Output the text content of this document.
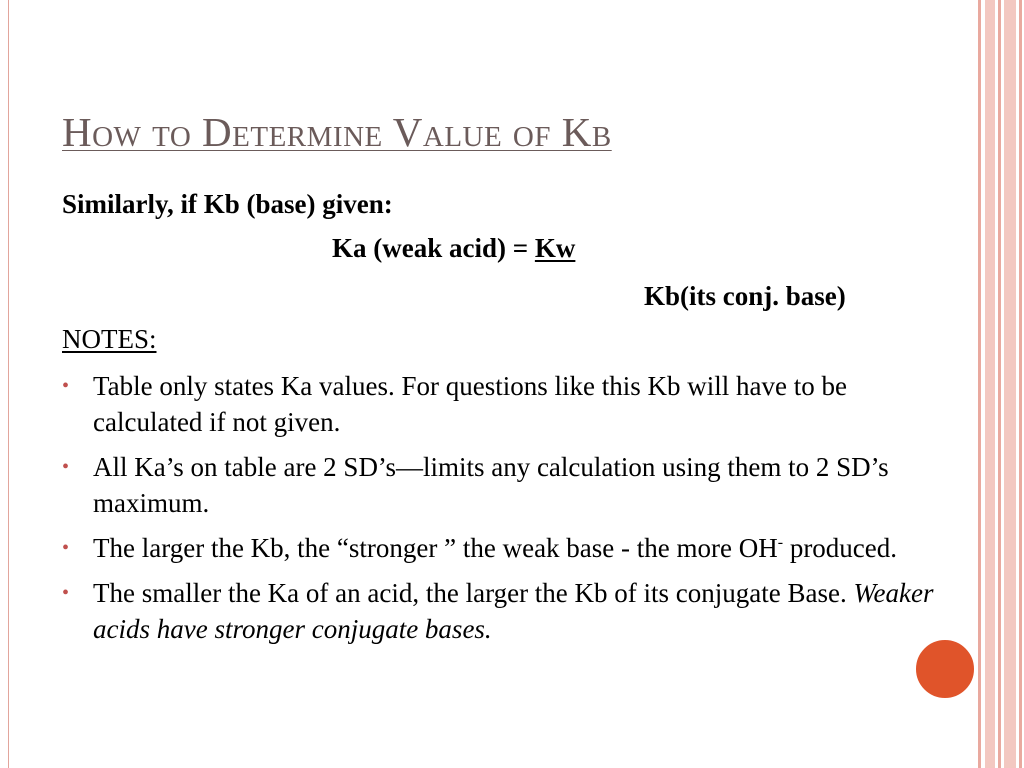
How to Determine Value of Kb
Similarly, if Kb (base) given:
Ka (weak acid) = Kw
Kb(its conj. base)
NOTES:
• Table only states Ka values. For questions like this Kb will have to be calculated if not given.
• All Ka’s on table are 2 SD’s—limits any calculation using them to 2 SD’s maximum.
• The larger the Kb, the “stronger ” the weak base - the more OH- produced.
• The smaller the Ka of an acid, the larger the Kb of its conjugate Base. Weaker acids have stronger conjugate bases.
